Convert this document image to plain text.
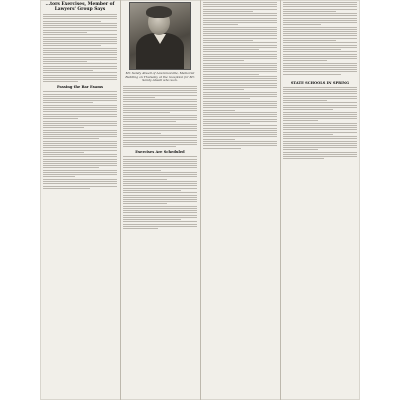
...tors Exercises, Member of Lawyers' Group Says

Passing the Bar Exams

Mr. Sandy Atwell of Lawrenceville, Memorial Building on Thursday at the reception for Mr. Sandy Atwell who won.

Exercises Are Scheduled

STATE SCHOOLS IN SPRING
